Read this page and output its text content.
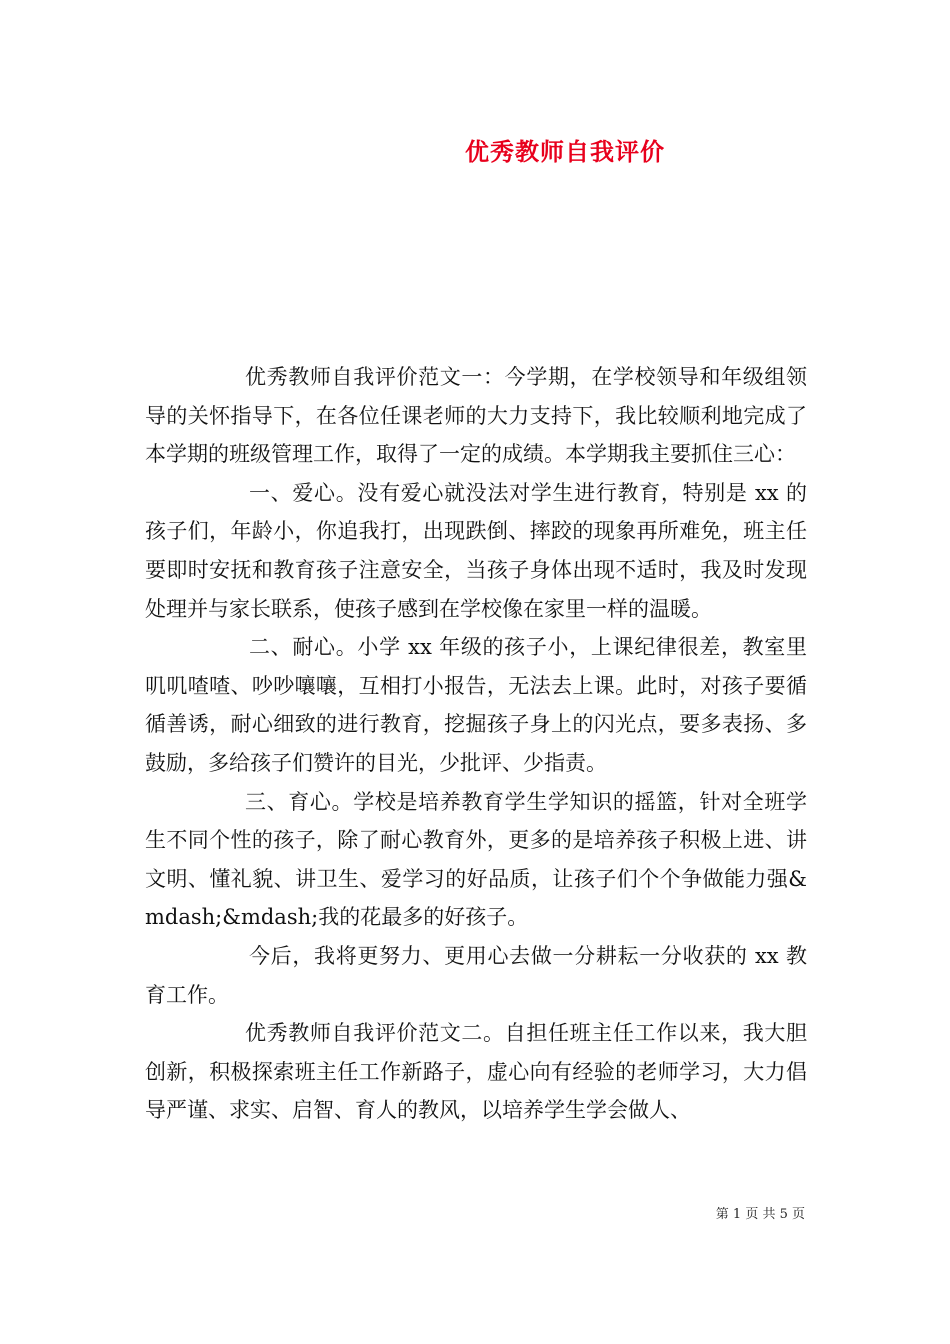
优秀教师自我评价

优秀教师自我评价范文一：今学期，在学校领导和年级组领导的关怀指导下，在各位任课老师的大力支持下，我比较顺利地完成了本学期的班级管理工作，取得了一定的成绩。本学期我主要抓住三心：

一、爱心。没有爱心就没法对学生进行教育，特别是 xx 的孩子们，年龄小，你追我打，出现跌倒、摔跤的现象再所难免，班主任要即时安抚和教育孩子注意安全，当孩子身体出现不适时，我及时发现处理并与家长联系，使孩子感到在学校像在家里一样的温暖。

二、耐心。小学 xx 年级的孩子小，上课纪律很差，教室里叽叽喳喳、吵吵嚷嚷，互相打小报告，无法去上课。此时，对孩子要循循善诱，耐心细致的进行教育，挖掘孩子身上的闪光点，要多表扬、多鼓励，多给孩子们赞许的目光，少批评、少指责。

三、育心。学校是培养教育学生学知识的摇篮，针对全班学生不同个性的孩子，除了耐心教育外，更多的是培养孩子积极上进、讲文明、懂礼貌、讲卫生、爱学习的好品质，让孩子们个个争做能力强&mdash;&mdash;我的花最多的好孩子。

今后，我将更努力、更用心去做一分耕耘一分收获的 xx 教育工作。

优秀教师自我评价范文二。自担任班主任工作以来，我大胆创新，积极探索班主任工作新路子，虚心向有经验的老师学习，大力倡导严谨、求实、启智、育人的教风，以培养学生学会做人、

第 1 页 共 5 页
